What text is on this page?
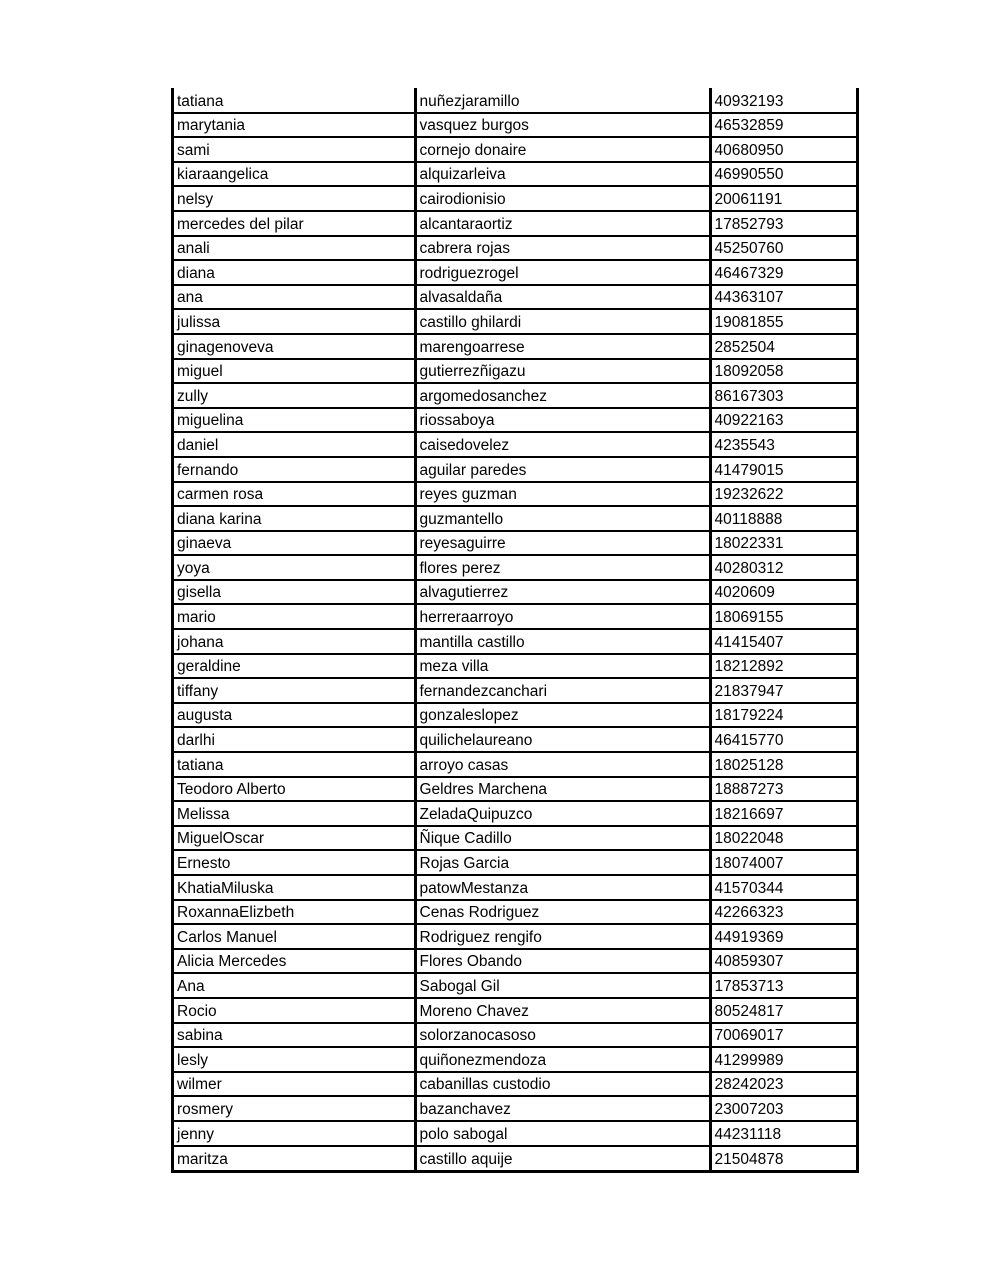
tatiana	nuñezjaramillo	40932193
marytania	vasquez burgos	46532859
sami	cornejo donaire	40680950
kiaraangelica	alquizarleiva	46990550
nelsy	cairodionisio	20061191
mercedes del pilar	alcantaraortiz	17852793
anali	cabrera rojas	45250760
diana	rodriguezrogel	46467329
ana	alvasaldaña	44363107
julissa	castillo ghilardi	19081855
ginagenoveva	marengoarrese	2852504
miguel	gutierrezñigazu	18092058
zully	argomedosanchez	86167303
miguelina	riossaboya	40922163
daniel	caisedovelez	4235543
fernando	aguilar paredes	41479015
carmen rosa	reyes guzman	19232622
diana karina	guzmantello	40118888
ginaeva	reyesaguirre	18022331
yoya	flores perez	40280312
gisella	alvagutierrez	4020609
mario	herreraarroyo	18069155
johana	mantilla castillo	41415407
geraldine	meza villa	18212892
tiffany	fernandezcanchari	21837947
augusta	gonzaleslopez	18179224
darlhi	quilichelaureano	46415770
tatiana	arroyo casas	18025128
Teodoro Alberto	Geldres Marchena	18887273
Melissa	ZeladaQuipuzco	18216697
MiguelOscar	Ñique Cadillo	18022048
Ernesto	Rojas Garcia	18074007
KhatiaMiluska	patowMestanza	41570344
RoxannaElizbeth	Cenas Rodriguez	42266323
Carlos Manuel	Rodriguez rengifo	44919369
Alicia Mercedes	Flores Obando	40859307
Ana	Sabogal Gil	17853713
Rocio	Moreno Chavez	80524817
sabina	solorzanocasoso	70069017
lesly	quiñonezmendoza	41299989
wilmer	cabanillas custodio	28242023
rosmery	bazanchavez	23007203
jenny	polo sabogal	44231118
maritza	castillo aquije	21504878
